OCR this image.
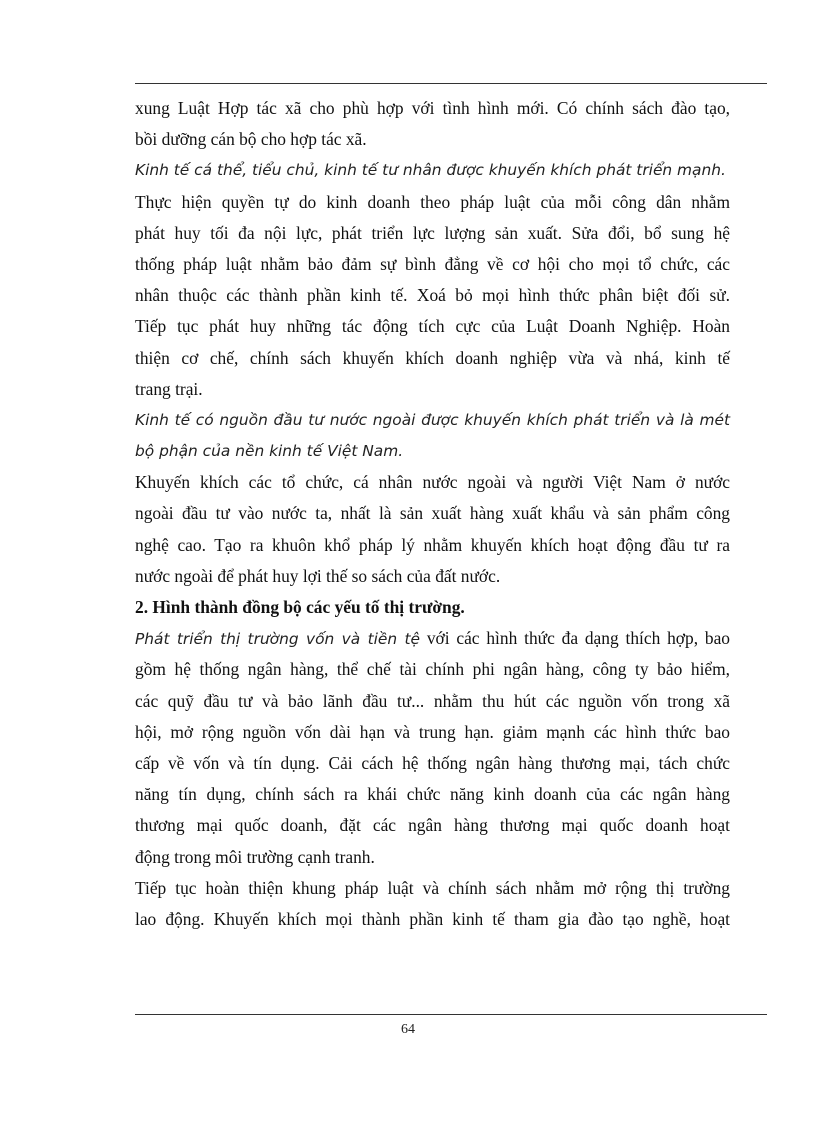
xung Luật Hợp tác xã cho phù hợp với tình hình mới. Có chính sách đào tạo,
bồi dưỡng cán bộ cho hợp tác xã.
Kinh tế cá thể, tiểu chủ, kinh tế tư nhân được khuyến khích phát triển mạnh.
Thực hiện quyền tự do kinh doanh theo pháp luật của mỗi công dân nhằm
phát huy tối đa nội lực, phát triển lực lượng sản xuất. Sửa đổi, bổ sung hệ
thống pháp luật nhằm bảo đảm sự bình đẳng về cơ hội cho mọi tổ chức, các
nhân thuộc các thành phần kinh tế. Xoá bỏ mọi hình thức phân biệt đối sử.
Tiếp tục phát huy những tác động tích cực của Luật Doanh Nghiệp. Hoàn
thiện cơ chế, chính sách khuyến khích doanh nghiệp vừa và nhá, kinh tế
trang trại.
Kinh tế có nguồn đầu tư nước ngoài được khuyến khích phát triển và là mét
bộ phận của nền kinh tế Việt Nam.
Khuyến khích các tổ chức, cá nhân nước ngoài và người Việt Nam ở nước
ngoài đầu tư vào nước ta, nhất là sản xuất hàng xuất khẩu và sản phẩm công
nghệ cao. Tạo ra khuôn khổ pháp lý nhằm khuyến khích hoạt động đầu tư ra
nước ngoài để phát huy lợi thế so sách của đất nước.
2. Hình thành đồng bộ các yếu tố thị trường.
Phát triển thị trường vốn và tiền tệ với các hình thức đa dạng thích hợp, bao
gồm hệ thống ngân hàng, thể chế tài chính phi ngân hàng, công ty bảo hiểm,
các quỹ đầu tư và bảo lãnh đầu tư... nhằm thu hút các nguồn vốn trong xã
hội, mở rộng nguồn vốn dài hạn và trung hạn. giảm mạnh các hình thức bao
cấp về vốn và tín dụng. Cải cách hệ thống ngân hàng thương mại, tách chức
năng tín dụng, chính sách ra khái chức năng kinh doanh của các ngân hàng
thương mại quốc doanh, đặt các ngân hàng thương mại quốc doanh hoạt
động trong môi trường cạnh tranh.
Tiếp tục hoàn thiện khung pháp luật và chính sách nhằm mở rộng thị trường
lao động. Khuyến khích mọi thành phần kinh tế tham gia đào tạo nghề, hoạt
64
